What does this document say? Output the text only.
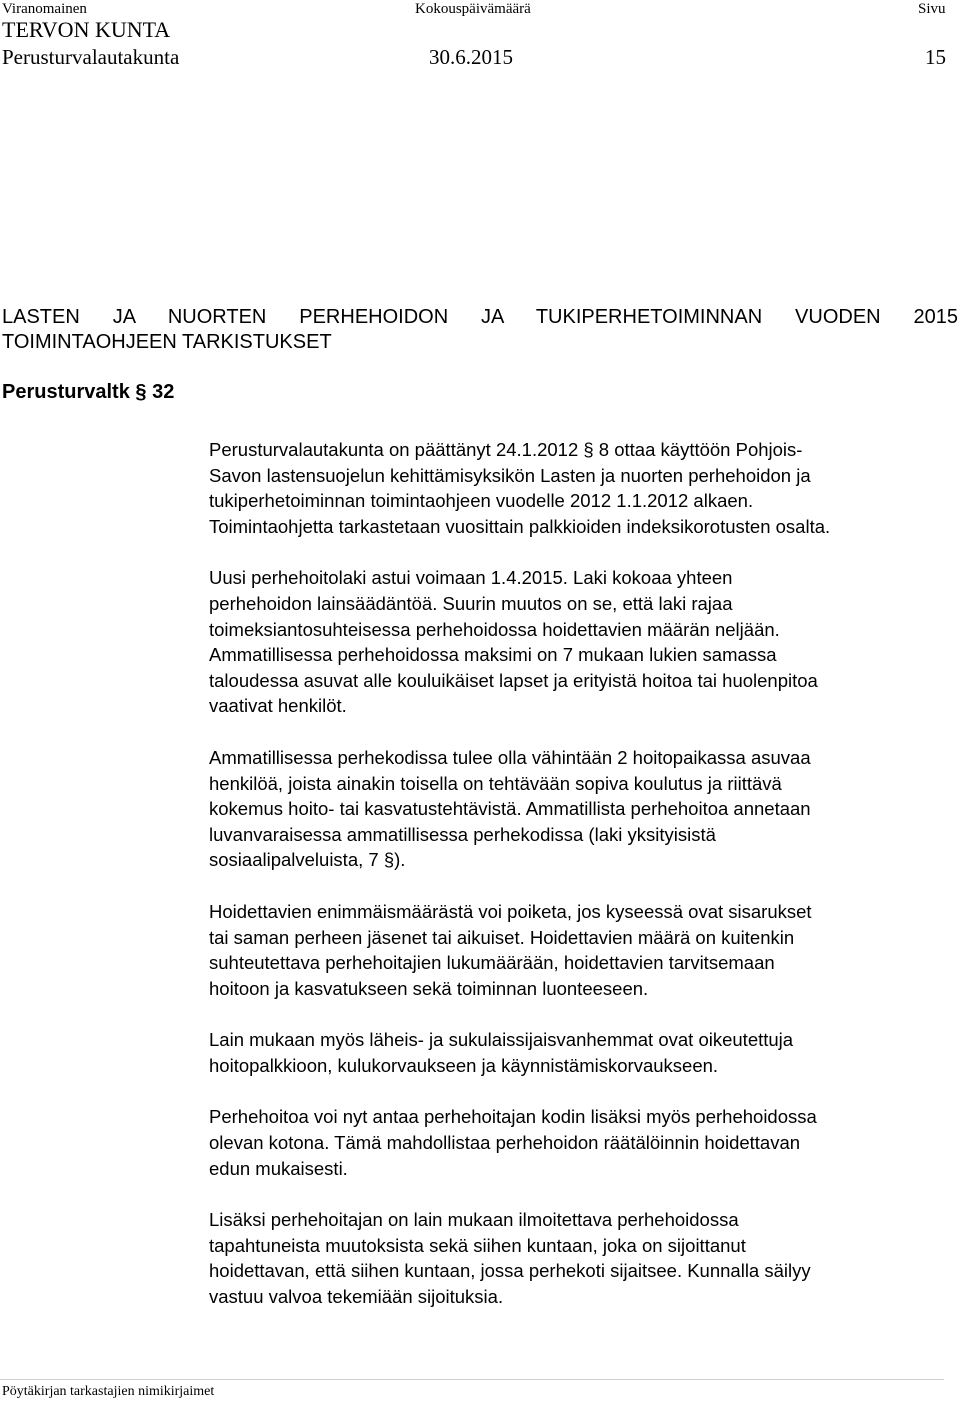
Viranomainen	Kokouspäivämäärä	Sivu
TERVON KUNTA
Perusturvalautakunta	30.6.2015	15
LASTEN JA NUORTEN PERHEHOIDON JA TUKIPERHETOIMINNAN VUODEN 2015
TOIMINTAOHJEEN TARKISTUKSET
Perusturvaltk § 32

Perusturvalautakunta on päättänyt 24.1.2012 § 8 ottaa käyttöön Pohjois-
Savon lastensuojelun kehittämisyksikön Lasten ja nuorten perhehoidon ja
tukiperhetoiminnan toimintaohjeen vuodelle 2012 1.1.2012 alkaen.
Toimintaohjetta tarkastetaan vuosittain palkkioiden indeksikorotusten osalta.

Uusi perhehoitolaki astui voimaan 1.4.2015. Laki kokoaa yhteen
perhehoidon lainsäädäntöä. Suurin muutos on se, että laki rajaa
toimeksiantosuhteisessa perhehoidossa hoidettavien määrän neljään.
Ammatillisessa perhehoidossa maksimi on 7 mukaan lukien samassa
taloudessa asuvat alle kouluikäiset lapset ja erityistä hoitoa tai huolenpitoa
vaativat henkilöt.

Ammatillisessa perhekodissa tulee olla vähintään 2 hoitopaikassa asuvaa
henkilöä, joista ainakin toisella on tehtävään sopiva koulutus ja riittävä
kokemus hoito- tai kasvatustehtävistä. Ammatillista perhehoitoa annetaan
luvanvaraisessa ammatillisessa perhekodissa (laki yksityisistä
sosiaalipalveluista, 7 §).

Hoidettavien enimmäismäärästä voi poiketa, jos kyseessä ovat sisarukset
tai saman perheen jäsenet tai aikuiset. Hoidettavien määrä on kuitenkin
suhteutettava perhehoitajien lukumäärään, hoidettavien tarvitsemaan
hoitoon ja kasvatukseen sekä toiminnan luonteeseen.

Lain mukaan myös läheis- ja sukulaissijaisvanhemmat ovat oikeutettuja
hoitopalkkioon, kulukorvaukseen ja käynnistämiskorvaukseen.

Perhehoitoa voi nyt antaa perhehoitajan kodin lisäksi myös perhehoidossa
olevan kotona. Tämä mahdollistaa perhehoidon räätälöinnin hoidettavan
edun mukaisesti.

Lisäksi perhehoitajan on lain mukaan ilmoitettava perhehoidossa
tapahtuneista muutoksista sekä siihen kuntaan, joka on sijoittanut
hoidettavan, että siihen kuntaan, jossa perhekoti sijaitsee. Kunnalla säilyy
vastuu valvoa tekemiään sijoituksia.

Pöytäkirjan tarkastajien nimikirjaimet
